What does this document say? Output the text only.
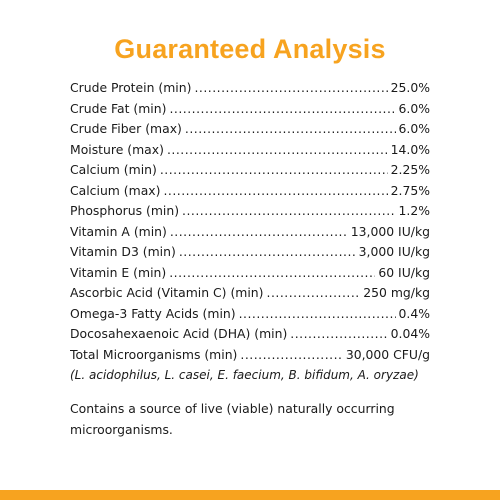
Guaranteed Analysis
Crude Protein (min) .....	25.0%
Crude Fat (min) .....	6.0%
Crude Fiber (max) .....	6.0%
Moisture (max) .....	14.0%
Calcium (min) .....	2.25%
Calcium (max) .....	2.75%
Phosphorus (min) .....	1.2%
Vitamin A (min) .....	13,000 IU/kg
Vitamin D3 (min) .....	3,000 IU/kg
Vitamin E (min) .....	60 IU/kg
Ascorbic Acid (Vitamin C) (min) .....	250 mg/kg
Omega-3 Fatty Acids (min) .....	0.4%
Docosahexaenoic Acid (DHA) (min) .....	0.04%
Total Microorganisms (min) .....	30,000 CFU/g
(L. acidophilus, L. casei, E. faecium, B. bifidum, A. oryzae)
Contains a source of live (viable) naturally occurring microorganisms.
